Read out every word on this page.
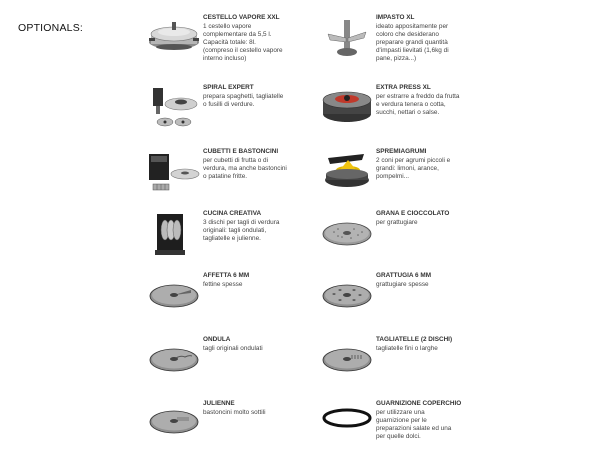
OPTIONALS:
CESTELLO VAPORE XXL
1 cestello vapore
complementare da 5,5 l.
Capacità totale: 8l.
(compreso il cestello vapore
interno incluso)
IMPASTO XL
ideato appositamente per
coloro che desiderano
preparare grandi quantità
d'impasti lievitati (1,6kg di
pane, pizza...)
SPIRAL EXPERT
prepara spaghetti, tagliatelle
o fusilli di verdure.
EXTRA PRESS XL
per estrarre a freddo da frutta
e verdura tenera o cotta,
succhi, nettari o salse.
CUBETTI E BASTONCINI
per cubetti di frutta o di
verdura, ma anche bastoncini
o patatine fritte.
SPREMIAGRUMI
2 coni per agrumi piccoli e
grandi: limoni, arance,
pompelmi...
CUCINA CREATIVA
3 dischi per tagli di verdura
originali: tagli ondulati,
tagliatelle e julienne.
GRANA E CIOCCOLATO
per grattugiare
AFFETTA 6 MM
fettine spesse
GRATTUGIA 6 MM
grattugiare spesse
ONDULA
tagli originali ondulati
TAGLIATELLE (2 DISCHI)
tagliatelle fini o larghe
JULIENNE
bastoncini molto sottili
GUARNIZIONE COPERCHIO
per utilizzare una
guarnizione per le
preparazioni salate ed una
per quelle dolci.
